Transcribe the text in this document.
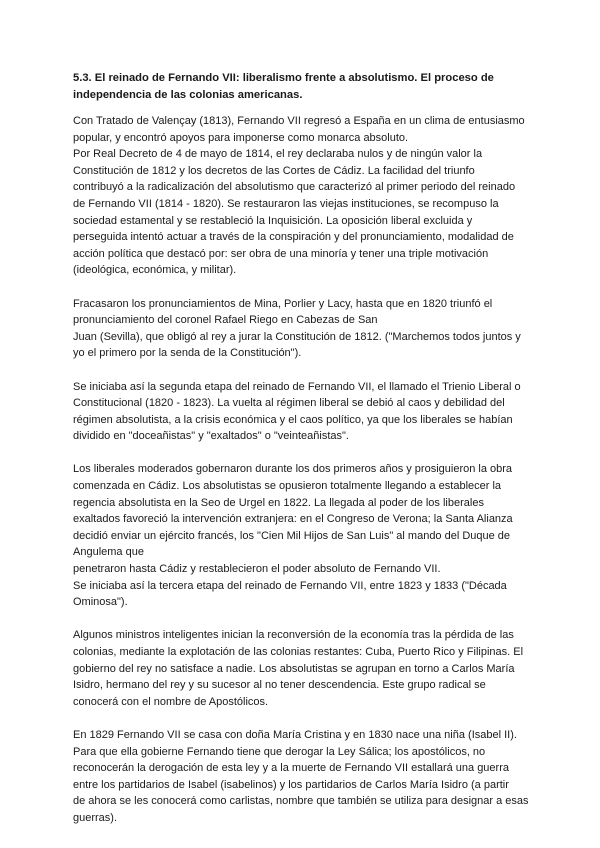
5.3. El reinado de Fernando VII: liberalismo frente a absolutismo. El proceso de
independencia de las colonias americanas.
Con Tratado de Valençay (1813), Fernando VII regresó a España en un clima de entusiasmo
popular, y encontró apoyos para imponerse como monarca absoluto.
Por Real Decreto de 4 de mayo de 1814, el rey declaraba nulos y de ningún valor la
Constitución de 1812 y los decretos de las Cortes de Cádiz. La facilidad del triunfo
contribuyó a la radicalización del absolutismo que caracterizó al primer periodo del reinado
de Fernando VII (1814 - 1820). Se restauraron las viejas instituciones, se recompuso la
sociedad estamental y se restableció la Inquisición. La oposición liberal excluida y
perseguida intentó actuar a través de la conspiración y del pronunciamiento, modalidad de
acción política que destacó por: ser obra de una minoría y tener una triple motivación
(ideológica, económica, y militar).
Fracasaron los pronunciamientos de Mina, Porlier y Lacy, hasta que en 1820 triunfó el
pronunciamiento del coronel Rafael Riego en Cabezas de San
Juan (Sevilla), que obligó al rey a jurar la Constitución de 1812. ("Marchemos todos juntos y
yo el primero por la senda de la Constitución").
Se iniciaba así la segunda etapa del reinado de Fernando VII, el llamado el Trienio Liberal o
Constitucional (1820 - 1823). La vuelta al régimen liberal se debió al caos y debilidad del
régimen absolutista, a la crisis económica y el caos político, ya que los liberales se habían
dividido en "doceañistas" y "exaltados" o "veinteañistas".
Los liberales moderados gobernaron durante los dos primeros años y prosiguieron la obra
comenzada en Cádiz. Los absolutistas se opusieron totalmente llegando a establecer la
regencia absolutista en la Seo de Urgel en 1822. La llegada al poder de los liberales
exaltados favoreció la intervención extranjera: en el Congreso de Verona; la Santa Alianza
decidió enviar un ejército francés, los "Cien Mil Hijos de San Luis" al mando del Duque de
Angulema que
penetraron hasta Cádiz y restablecieron el poder absoluto de Fernando VII.
Se iniciaba así la tercera etapa del reinado de Fernando VII, entre 1823 y 1833 ("Década
Ominosa").
Algunos ministros inteligentes inician la reconversión de la economía tras la pérdida de las
colonias, mediante la explotación de las colonias restantes: Cuba, Puerto Rico y Filipinas. El
gobierno del rey no satisface a nadie. Los absolutistas se agrupan en torno a Carlos María
Isidro, hermano del rey y su sucesor al no tener descendencia. Este grupo radical se
conocerá con el nombre de Apostólicos.
En 1829 Fernando VII se casa con doña María Cristina y en 1830 nace una niña (Isabel II).
Para que ella gobierne Fernando tiene que derogar la Ley Sálica; los apostólicos, no
reconocerán la derogación de esta ley y a la muerte de Fernando VII estallará una guerra
entre los partidarios de Isabel (isabelinos) y los partidarios de Carlos María Isidro (a partir
de ahora se les conocerá como carlistas, nombre que también se utiliza para designar a esas
guerras).
